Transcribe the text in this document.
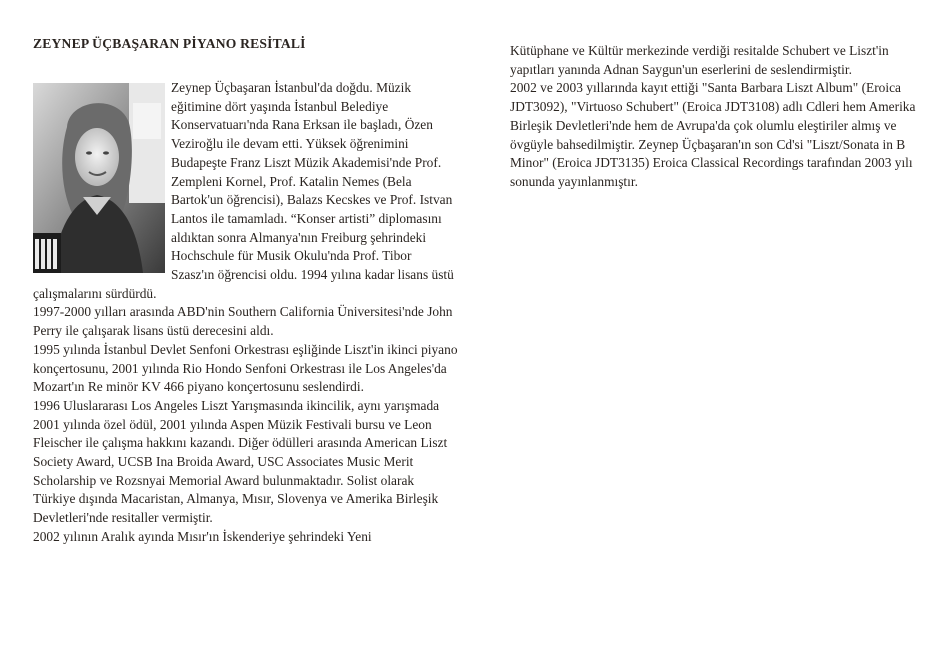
ZEYNEP ÜÇBAŞARAN PİYANO RESİTALİ

Zeynep Üçbaşaran İstanbul'da doğdu. Müzik eğitimine dört yaşında İstanbul Belediye Konservatuarı'nda Rana Erksan ile başladı, Özen Veziroğlu ile devam etti. Yüksek öğrenimini Budapeşte Franz Liszt Müzik Akademisi'nde Prof. Zempleni Kornel, Prof. Katalin Nemes (Bela Bartok'un öğrencisi), Balazs Kecskes ve Prof. Istvan Lantos ile tamamladı. “Konser artisti” diplomasını aldıktan sonra Almanya'nın Freiburg şehrindeki Hochschule für Musik Okulu'nda Prof. Tibor Szasz'ın öğrencisi oldu. 1994 yılına kadar lisans üstü çalışmalarını sürdürdü.

1997-2000 yılları arasında ABD'nin Southern California Üniversitesi'nde John Perry ile çalışarak lisans üstü derecesini aldı.

1995 yılında İstanbul Devlet Senfoni Orkestrası eşliğinde Liszt'in ikinci piyano konçertosunu, 2001 yılında Rio Hondo Senfoni Orkestrası ile Los Angeles'da Mozart'ın Re minör KV 466 piyano konçertosunu seslendirdi.

1996 Uluslararası Los Angeles Liszt Yarışmasında ikincilik, aynı yarışmada 2001 yılında özel ödül, 2001 yılında Aspen Müzik Festivali bursu ve Leon Fleischer ile çalışma hakkını kazandı. Diğer ödülleri arasında American Liszt Society Award, UCSB Ina Broida Award, USC Associates Music Merit Scholarship ve Rozsnyai Memorial Award bulunmaktadır. Solist olarak Türkiye dışında Macaristan, Almanya, Mısır, Slovenya ve Amerika Birleşik Devletleri'nde resitaller vermiştir.

2002 yılının Aralık ayında Mısır'ın İskenderiye şehrindeki Yeni

Kütüphane ve Kültür merkezinde verdiği resitalde Schubert ve Liszt'in yapıtları yanında Adnan Saygun'un eserlerini de seslendirmiştir.

2002 ve 2003 yıllarında kayıt ettiği "Santa Barbara Liszt Album" (Eroica JDT3092), "Virtuoso Schubert" (Eroica JDT3108) adlı Cdleri hem Amerika Birleşik Devletleri'nde hem de Avrupa'da çok olumlu eleştiriler almış ve övgüyle bahsedilmiştir. Zeynep Üçbaşaran'ın son Cd'si "Liszt/Sonata in B Minor" (Eroica JDT3135) Eroica Classical Recordings tarafından 2003 yılı sonunda yayınlanmıştır.
